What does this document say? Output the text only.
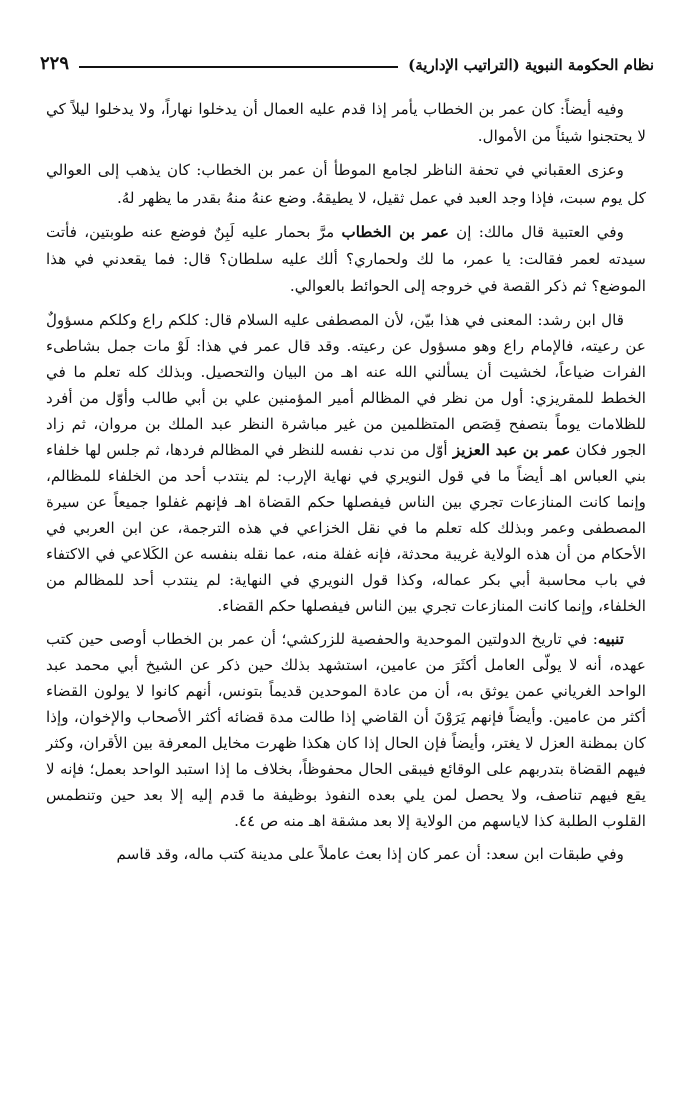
نظام الحكومة النبوية (التراتيب الإدارية)
٢٢٩

وفيه أيضاً: كان عمر بن الخطاب يأمر إذا قدم عليه العمال أن يدخلوا نهاراً، ولا يدخلوا ليلاً كي لا يحتجنوا شيئاً من الأموال.

وعزى العقباني في تحفة الناظر لجامع الموطأ أن عمر بن الخطاب: كان يذهب إلى العوالي كل يوم سبت، فإذا وجد العبد في عمل ثقيل، لا يطيقهُ. وضع عنهُ منهُ بقدر ما يظهر لهُ.

وفي العتبية قال مالك: إن عمر بن الخطاب مرَّ بحمار عليه لَبِنٌ فوضع عنه طوبتين، فأتت سيدته لعمر فقالت: يا عمر، ما لك ولحماري؟ ألك عليه سلطان؟ قال: فما يقعدني في هذا الموضع؟ ثم ذكر القصة في خروجه إلى الحوائط بالعوالي.

قال ابن رشد: المعنى في هذا بيّن، لأن المصطفى عليه السلام قال: كلكم راع وكلكم مسؤولٌ عن رعيته، فالإمام راع وهو مسؤول عن رعيته. وقد قال عمر في هذا: لَوْ مات جمل بشاطىء الفرات ضياعاً، لخشيت أن يسألني الله عنه اهـ من البيان والتحصيل. وبذلك كله تعلم ما في الخطط للمقريزي: أول من نظر في المظالم أمير المؤمنين علي بن أبي طالب وأوّل من أفرد للظلامات يوماً بتصفح قِصَص المتظلمين من غير مباشرة النظر عبد الملك بن مروان، ثم زاد الجور فكان عمر بن عبد العزيز أوّل من ندب نفسه للنظر في المظالم فردها، ثم جلس لها خلفاء بني العباس اهـ أيضاً ما في قول النويري في نهاية الإرب: لم ينتدب أحد من الخلفاء للمظالم، وإنما كانت المنازعات تجري بين الناس فيفصلها حكم القضاة اهـ فإنهم غفلوا جميعاً عن سيرة المصطفى وعمر وبذلك كله تعلم ما في نقل الخزاعي في هذه الترجمة، عن ابن العربي في الأحكام من أن هذه الولاية غريبة محدثة، فإنه غفلة منه، عما نقله بنفسه عن الكَلاعي في الاكتفاء في باب محاسبة أبي بكر عماله، وكذا قول النويري في النهاية: لم ينتدب أحد للمظالم من الخلفاء، وإنما كانت المنازعات تجري بين الناس فيفصلها حكم القضاء.

تنبيه: في تاريخ الدولتين الموحدية والحفصية للزركشي؛ أن عمر بن الخطاب أوصى حين كتب عهده، أنه لا يولّى العامل أكثَرَ من عامين، استشهد بذلك حين ذكر عن الشيخ أبي محمد عبد الواحد الغرياني عمن يوثق به، أن من عادة الموحدين قديماً بتونس، أنهم كانوا لا يولون القضاء أكثر من عامين. وأيضاً فإنهم يَرَوْنَ أن القاضي إذا طالت مدة قضائه أكثر الأصحاب والإخوان، وإذا كان بمظنة العزل لا يغتر، وأيضاً فإن الحال إذا كان هكذا ظهرت مخايل المعرفة بين الأقران، وكثر فيهم القضاة بتدربهم على الوقائع فيبقى الحال محفوظاً، بخلاف ما إذا استبد الواحد بعمل؛ فإنه لا يقع فيهم تناصف، ولا يحصل لمن يلي بعده النفوذ بوظيفة ما قدم إليه إلا بعد حين وتنطمس القلوب الطلبة كذا لاياسهم من الولاية إلا بعد مشقة اهـ منه ص ٤٤.

وفي طبقات ابن سعد: أن عمر كان إذا بعث عاملاً على مدينة كتب ماله، وقد قاسم
